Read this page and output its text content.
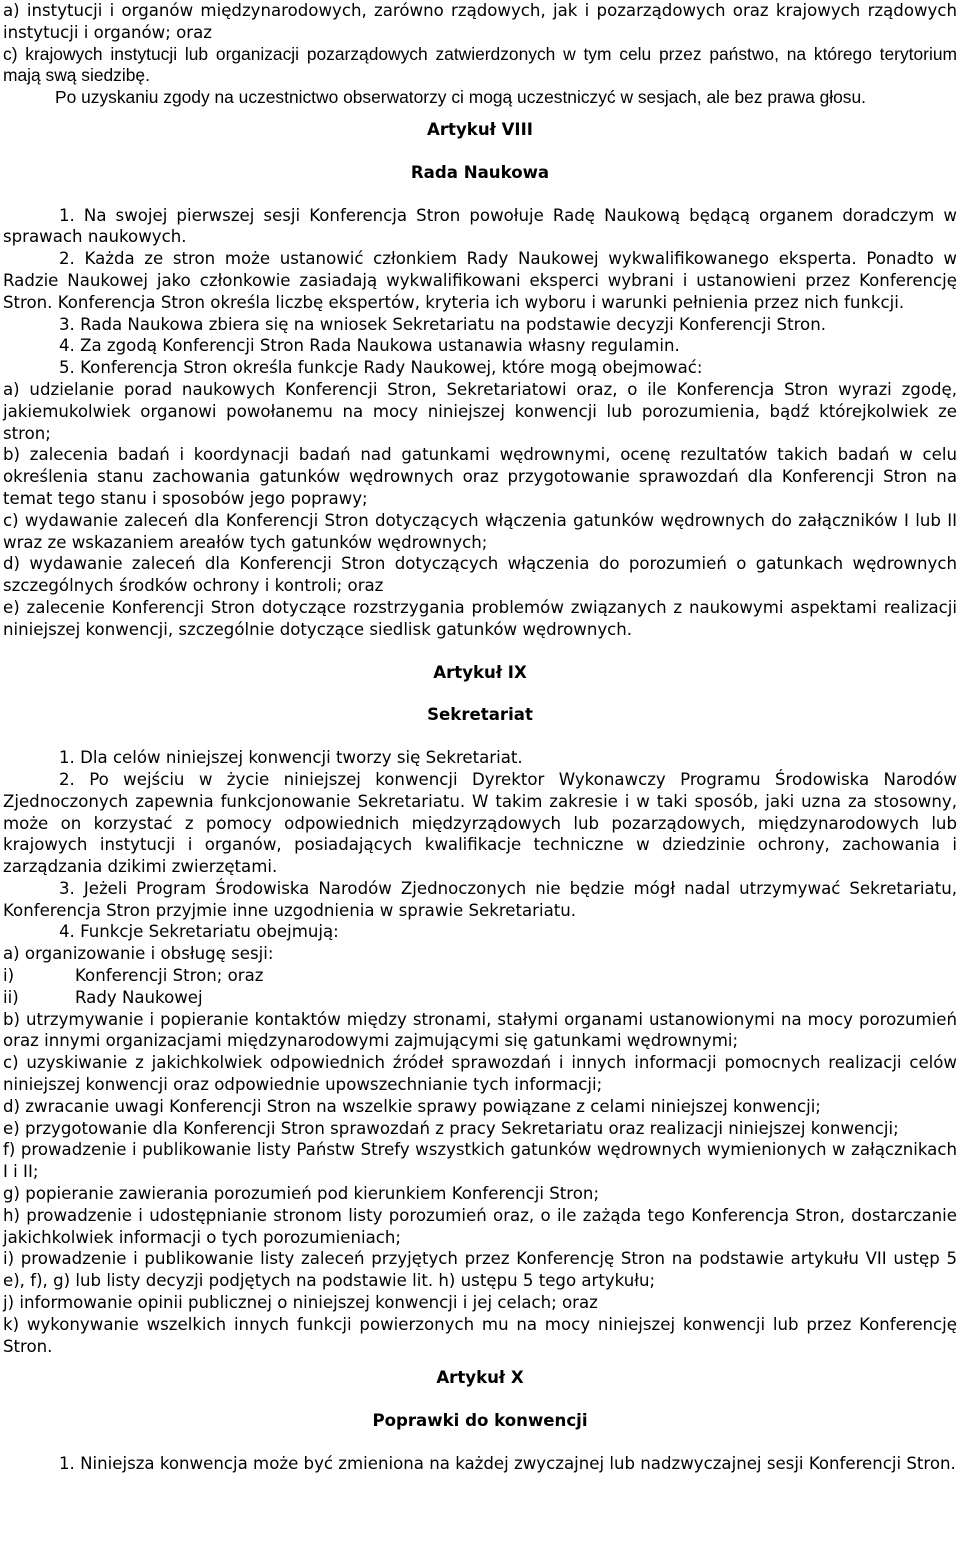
a) instytucji i organów międzynarodowych, zarówno rządowych, jak i pozarządowych oraz krajowych rządowych instytucji i organów; oraz

c) krajowych instytucji lub organizacji pozarządowych zatwierdzonych w tym celu przez państwo, na którego terytorium mają swą siedzibę.

Po uzyskaniu zgody na uczestnictwo obserwatorzy ci mogą uczestniczyć w sesjach, ale bez prawa głosu.

Artykuł VIII

Rada Naukowa

1. Na swojej pierwszej sesji Konferencja Stron powołuje Radę Naukową będącą organem doradczym w sprawach naukowych.

2. Każda ze stron może ustanowić członkiem Rady Naukowej wykwalifikowanego eksperta. Ponadto w Radzie Naukowej jako członkowie zasiadają wykwalifikowani eksperci wybrani i ustanowieni przez Konferencję Stron. Konferencja Stron określa liczbę ekspertów, kryteria ich wyboru i warunki pełnienia przez nich funkcji.

3. Rada Naukowa zbiera się na wniosek Sekretariatu na podstawie decyzji Konferencji Stron.

4. Za zgodą Konferencji Stron Rada Naukowa ustanawia własny regulamin.

5. Konferencja Stron określa funkcje Rady Naukowej, które mogą obejmować:

a) udzielanie porad naukowych Konferencji Stron, Sekretariatowi oraz, o ile Konferencja Stron wyrazi zgodę, jakiemukolwiek organowi powołanemu na mocy niniejszej konwencji lub porozumienia, bądź którejkolwiek ze stron;

b) zalecenia badań i koordynacji badań nad gatunkami wędrownymi, ocenę rezultatów takich badań w celu określenia stanu zachowania gatunków wędrownych oraz przygotowanie sprawozdań dla Konferencji Stron na temat tego stanu i sposobów jego poprawy;

c) wydawanie zaleceń dla Konferencji Stron dotyczących włączenia gatunków wędrownych do załączników I lub II wraz ze wskazaniem areałów tych gatunków wędrownych;

d) wydawanie zaleceń dla Konferencji Stron dotyczących włączenia do porozumień o gatunkach wędrownych szczególnych środków ochrony i kontroli; oraz

e) zalecenie Konferencji Stron dotyczące rozstrzygania problemów związanych z naukowymi aspektami realizacji niniejszej konwencji, szczególnie dotyczące siedlisk gatunków wędrownych.

Artykuł IX

Sekretariat

1. Dla celów niniejszej konwencji tworzy się Sekretariat.

2. Po wejściu w życie niniejszej konwencji Dyrektor Wykonawczy Programu Środowiska Narodów Zjednoczonych zapewnia funkcjonowanie Sekretariatu. W takim zakresie i w taki sposób, jaki uzna za stosowny, może on korzystać z pomocy odpowiednich międzyrządowych lub pozarządowych, międzynarodowych lub krajowych instytucji i organów, posiadających kwalifikacje techniczne w dziedzinie ochrony, zachowania i zarządzania dzikimi zwierzętami.

3. Jeżeli Program Środowiska Narodów Zjednoczonych nie będzie mógł nadal utrzymywać Sekretariatu, Konferencja Stron przyjmie inne uzgodnienia w sprawie Sekretariatu.

4. Funkcje Sekretariatu obejmują:

a) organizowanie i obsługę sesji:

i)	Konferencji Stron; oraz

ii)	Rady Naukowej

b) utrzymywanie i popieranie kontaktów między stronami, stałymi organami ustanowionymi na mocy porozumień oraz innymi organizacjami międzynarodowymi zajmującymi się gatunkami wędrownymi;

c) uzyskiwanie z jakichkolwiek odpowiednich źródeł sprawozdań i innych informacji pomocnych realizacji celów niniejszej konwencji oraz odpowiednie upowszechnianie tych informacji;

d) zwracanie uwagi Konferencji Stron na wszelkie sprawy powiązane z celami niniejszej konwencji;

e) przygotowanie dla Konferencji Stron sprawozdań z pracy Sekretariatu oraz realizacji niniejszej konwencji;

f) prowadzenie i publikowanie listy Państw Strefy wszystkich gatunków wędrownych wymienionych w załącznikach I i II;

g) popieranie zawierania porozumień pod kierunkiem Konferencji Stron;

h) prowadzenie i udostępnianie stronom listy porozumień oraz, o ile zażąda tego Konferencja Stron, dostarczanie jakichkolwiek informacji o tych porozumieniach;

i) prowadzenie i publikowanie listy zaleceń przyjętych przez Konferencję Stron na podstawie artykułu VII ustęp 5 e), f), g) lub listy decyzji podjętych na podstawie lit. h) ustępu 5 tego artykułu;

j) informowanie opinii publicznej o niniejszej konwencji i jej celach; oraz

k) wykonywanie wszelkich innych funkcji powierzonych mu na mocy niniejszej konwencji lub przez Konferencję Stron.

Artykuł X

Poprawki do konwencji

1. Niniejsza konwencja może być zmieniona na każdej zwyczajnej lub nadzwyczajnej sesji Konferencji Stron.
